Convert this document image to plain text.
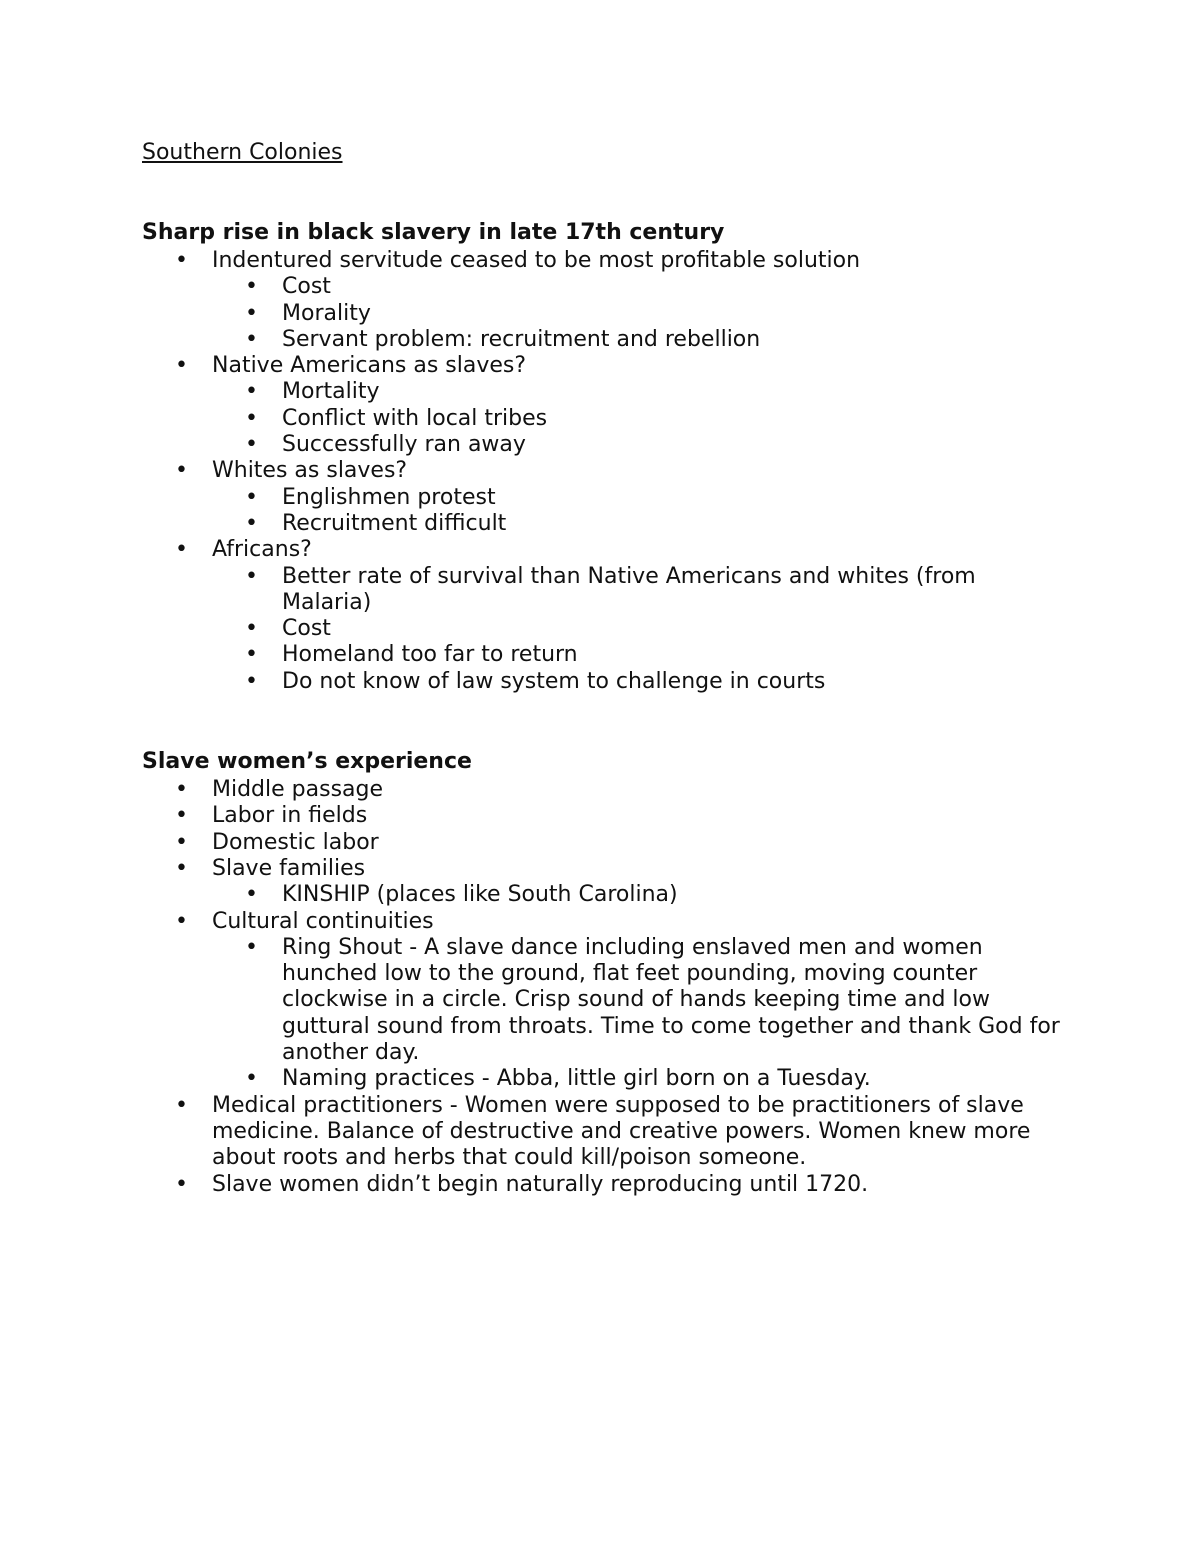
Southern Colonies
Sharp rise in black slavery in late 17th century
• Indentured servitude ceased to be most profitable solution
• Cost
• Morality
• Servant problem: recruitment and rebellion
• Native Americans as slaves?
• Mortality
• Conflict with local tribes
• Successfully ran away
• Whites as slaves?
• Englishmen protest
• Recruitment difficult
• Africans?
• Better rate of survival than Native Americans and whites (from Malaria)
• Cost
• Homeland too far to return
• Do not know of law system to challenge in courts
Slave women’s experience
• Middle passage
• Labor in fields
• Domestic labor
• Slave families
• KINSHIP (places like South Carolina)
• Cultural continuities
• Ring Shout - A slave dance including enslaved men and women hunched low to the ground, flat feet pounding, moving counter clockwise in a circle. Crisp sound of hands keeping time and low guttural sound from throats. Time to come together and thank God for another day.
• Naming practices - Abba, little girl born on a Tuesday.
• Medical practitioners - Women were supposed to be practitioners of slave medicine. Balance of destructive and creative powers. Women knew more about roots and herbs that could kill/poison someone.
• Slave women didn’t begin naturally reproducing until 1720.
